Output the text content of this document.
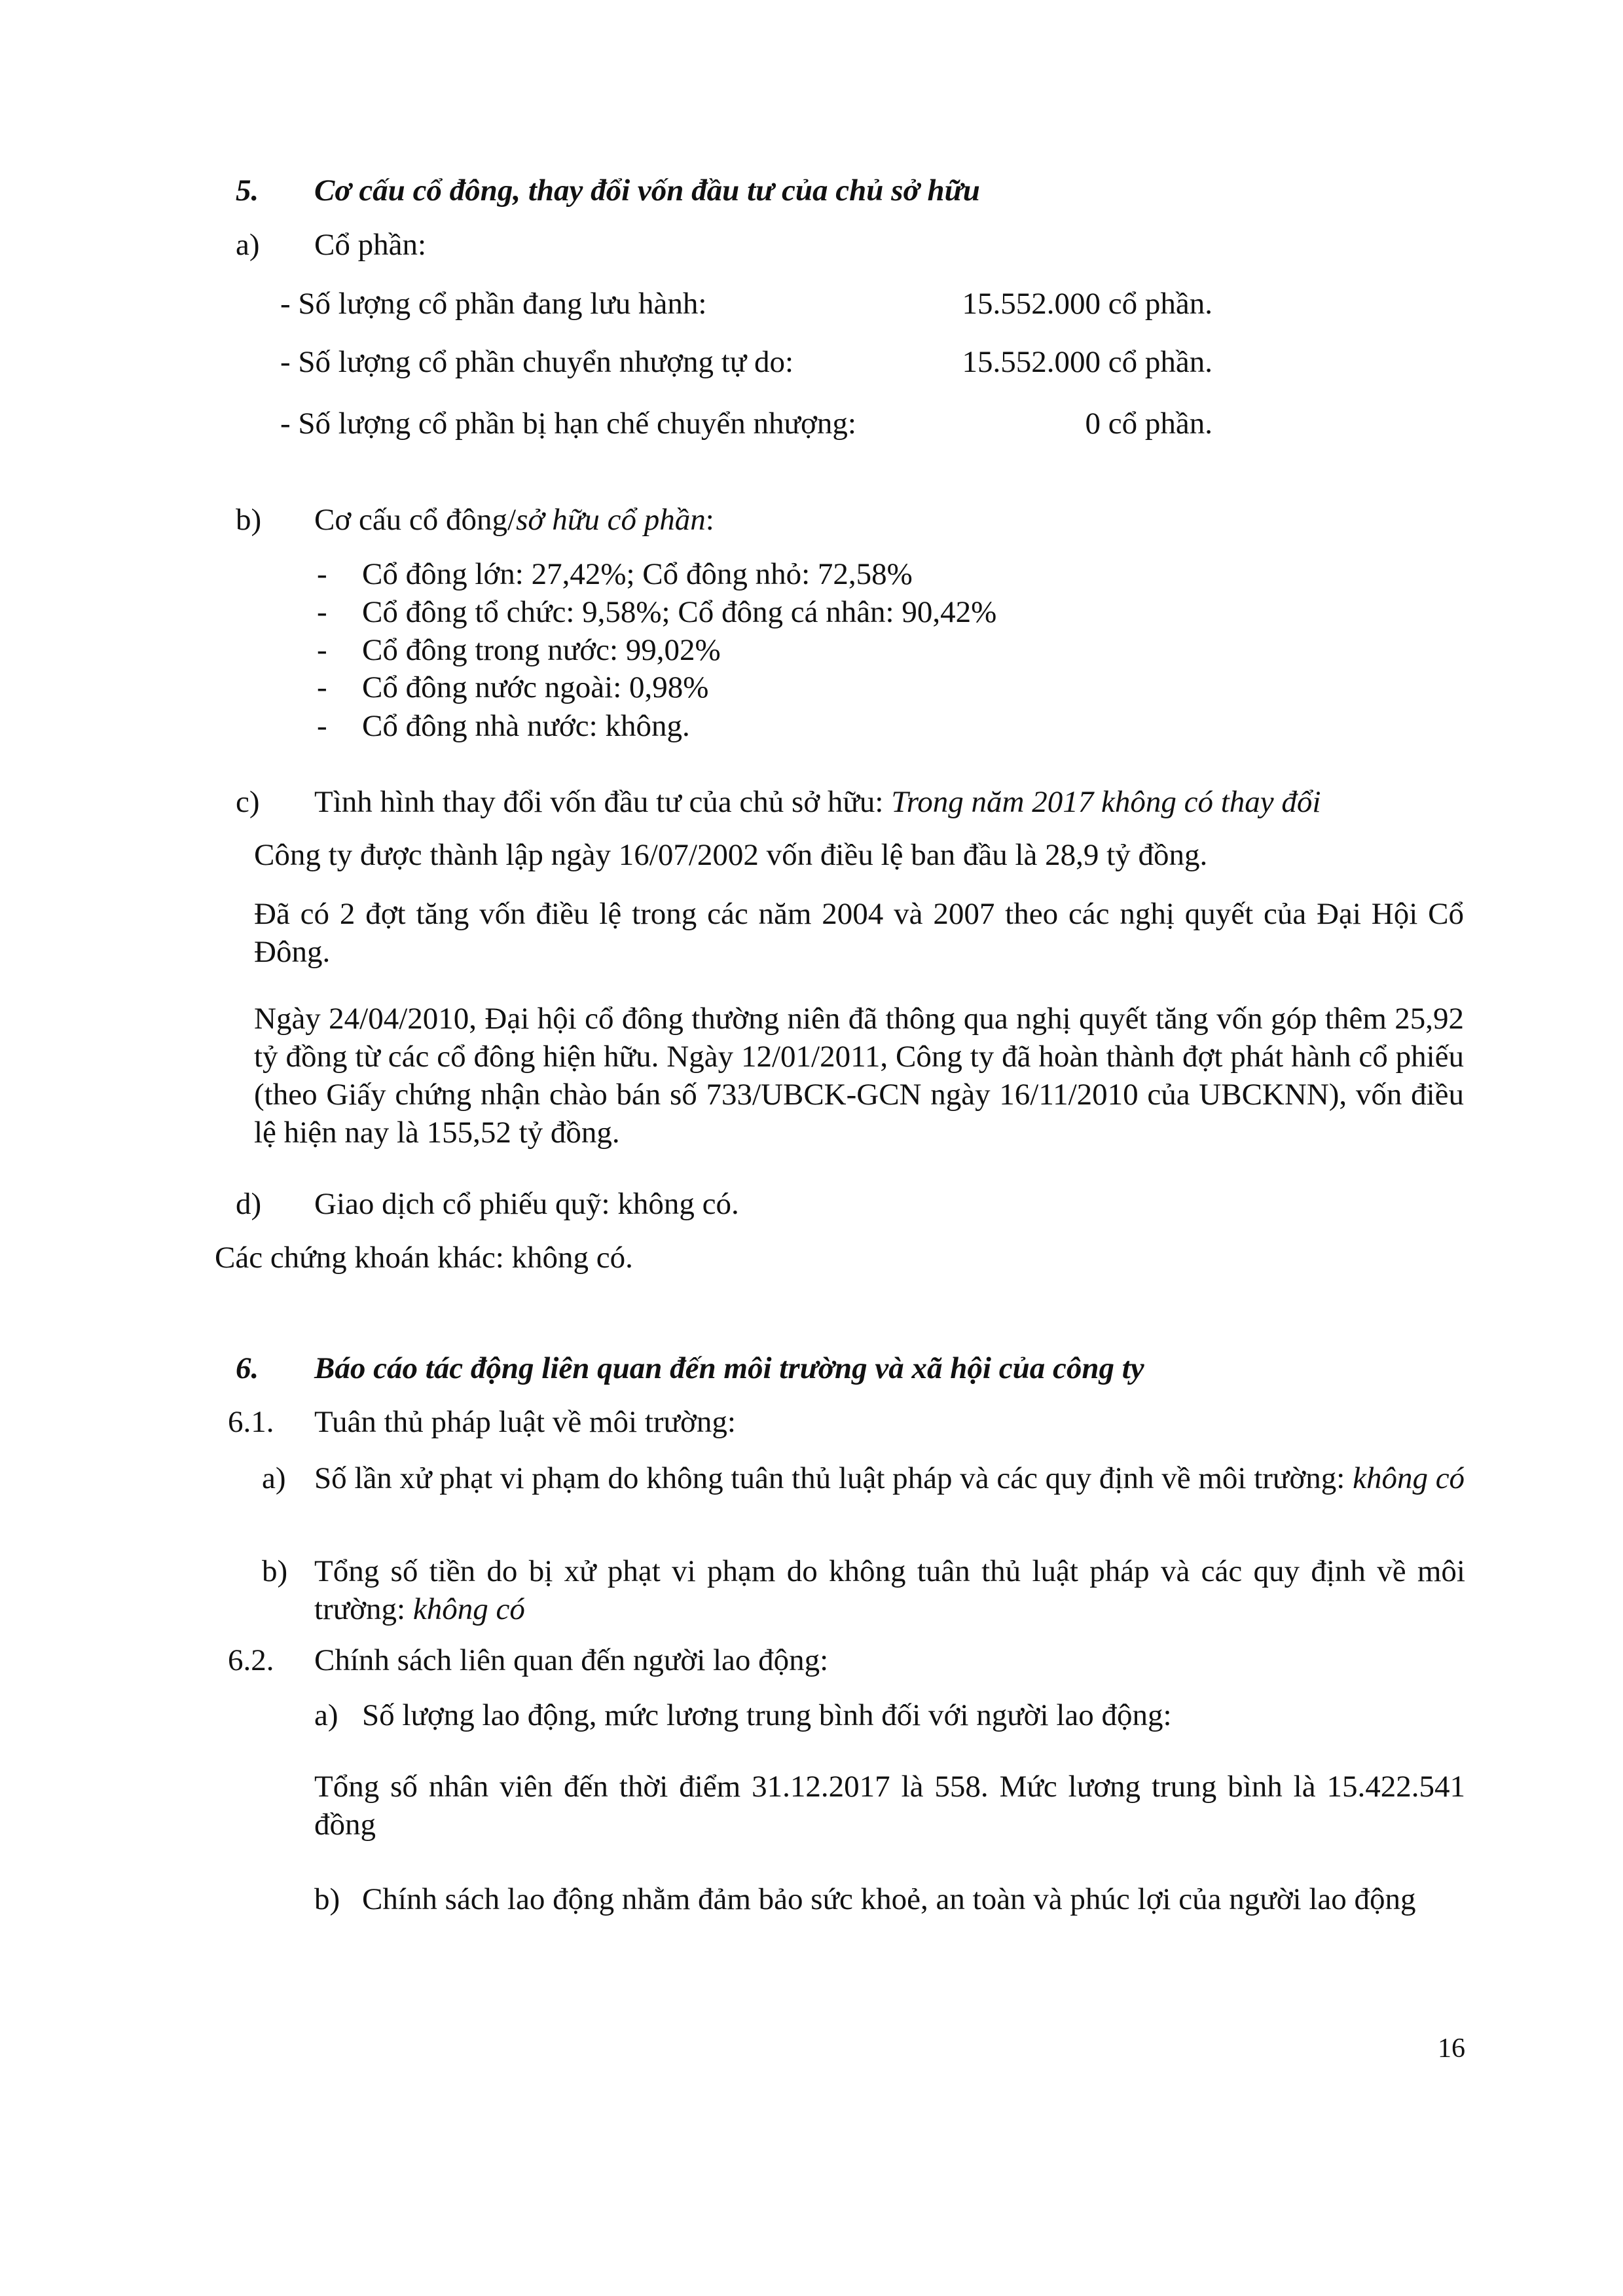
5. Cơ cấu cổ đông, thay đổi vốn đầu tư của chủ sở hữu
a) Cổ phần:
- Số lượng cổ phần đang lưu hành:	15.552.000 cổ phần.
- Số lượng cổ phần chuyển nhượng tự do:	15.552.000 cổ phần.
- Số lượng cổ phần bị hạn chế chuyển nhượng:	0 cổ phần.
b) Cơ cấu cổ đông/sở hữu cổ phần:
- Cổ đông lớn: 27,42%; Cổ đông nhỏ: 72,58%
- Cổ đông tổ chức: 9,58%; Cổ đông cá nhân: 90,42%
- Cổ đông trong nước: 99,02%
- Cổ đông nước ngoài: 0,98%
- Cổ đông nhà nước: không.
c) Tình hình thay đổi vốn đầu tư của chủ sở hữu: Trong năm 2017 không có thay đổi
Công ty được thành lập ngày 16/07/2002 vốn điều lệ ban đầu là 28,9 tỷ đồng.
Đã có 2 đợt tăng vốn điều lệ trong các năm 2004 và 2007 theo các nghị quyết của Đại Hội Cổ Đông.
Ngày 24/04/2010, Đại hội cổ đông thường niên đã thông qua nghị quyết tăng vốn góp thêm 25,92 tỷ đồng từ các cổ đông hiện hữu. Ngày 12/01/2011, Công ty đã hoàn thành đợt phát hành cổ phiếu (theo Giấy chứng nhận chào bán số 733/UBCK-GCN ngày 16/11/2010 của UBCKNN), vốn điều lệ hiện nay là 155,52 tỷ đồng.
d) Giao dịch cổ phiếu quỹ: không có.
Các chứng khoán khác: không có.
6. Báo cáo tác động liên quan đến môi trường và xã hội của công ty
6.1. Tuân thủ pháp luật về môi trường:
a) Số lần xử phạt vi phạm do không tuân thủ luật pháp và các quy định về môi trường: không có
b) Tổng số tiền do bị xử phạt vi phạm do không tuân thủ luật pháp và các quy định về môi trường: không có
6.2. Chính sách liên quan đến người lao động:
a) Số lượng lao động, mức lương trung bình đối với người lao động:
Tổng số nhân viên đến thời điểm 31.12.2017 là 558. Mức lương trung bình là 15.422.541 đồng
b) Chính sách lao động nhằm đảm bảo sức khoẻ, an toàn và phúc lợi của người lao động
16
